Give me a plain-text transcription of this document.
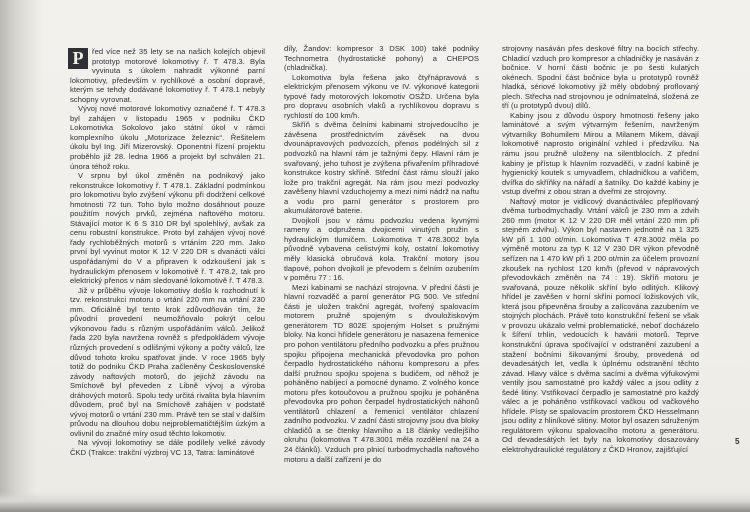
P	řed více než 35 lety se na našich kolejích objevil prototyp motorové lokomotivy ř. T 478.3. Byla vyvinuta s úkolem nahradit výkonné parní lokomotivy, především v rychlíkové a osobní dopravě, kterým se tehdy dodávané lokomotivy ř. T 478.1 nebyly schopny vyrovnat.

Vývoj nové motorové lokomotivy označené ř. T 478.3 byl zahájen v listopadu 1965 v podniku ČKD Lokomotivka Sokolovo jako státní úkol v rámci komplexního úkolu „Motorizace železnic“. Řešitelem úkolu byl Ing. Jiří Mizerovský. Oponentní řízení projektu proběhlo již 28. ledna 1966 a projekt byl schválen 21. února téhož roku.

V srpnu byl úkol změněn na podnikový jako rekonstrukce lokomotivy ř. T 478.1. Základní podmínkou pro lokomotivu bylo zvýšení výkonu při dodržení celkové hmotnosti 72 tun. Toho bylo možno dosáhnout pouze použitím nových prvků, zejména naftového motoru. Stávající motor K 6 S 310 DR byl spolehlivý, avšak za cenu robustní konstrukce. Proto byl zahájen vývoj nové řady rychloběžných motorů s vrtáním 220 mm. Jako první byl vyvinut motor K 12 V 220 DR s dvanácti válci uspořádanými do V a připraven k odzkoušení jak s hydraulickým přenosem v lokomotivě ř. T 478.2, tak pro elektrický přenos v nám sledované lokomotivě ř. T 478.3.

Již v průběhu vývoje lokomotivy došlo k rozhodnutí k tzv. rekonstrukci motoru o vrtání 220 mm na vrtání 230 mm. Oficiálně byl tento krok zdůvodňován tím, že původní provedení neumožňovalo pokrýt celou výkonovou řadu s různým uspořádáním válců. Jelikož řada 220 byla navržena rovněž s předpokládem vývoje různých provedení s odlišnými výkony a počty válců, lze důvod tohoto kroku spatřovat jinde. V roce 1965 byly totiž do podniku ČKD Praha začleněny Československé závody naftových motorů, do jejichž závodu na Smíchově byl převeden z Libně vývoj a výroba dráhových motorů. Spolu tedy určitá rivalita byla hlavním důvodem, proč byl na Smíchově zahájen v podstatě vývoj motorů o vrtání 230 mm. Právě ten se stal v dalším průvodu na dlouhou dobu nejproblematičtějším úzkým a ovlivnil do značné míry osud těchto lokomotiv.

Na vývoji lokomotivy se dále podílely velké závody ČKD (Trakce: trakční výzbroj VC 13, Tatra: laminátové

díly, Žandov: kompresor 3 DSK 100) také podniky Technometra (hydrostatické pohony) a CHEPOS (chladnička).

Lokomotiva byla řešena jako čtyřnápravová s elektrickým přenosem výkonu ve IV. výkonové kategorii typové řady motorových lokomotiv OSŽD. Určena byla pro dopravu osobních vlaků a rychlíkovou dopravu s rychlostí do 100 km/h.

Skříň s dvěma čelními kabinami strojvedoucího je závěsena prostřednictvím závěsek na dvou dvounápravových podvozcích, přenos podélných sil z podvozků na hlavní rám je tažnými čepy. Hlavní rám je svařovaný, jeho tuhost je zvýšena přivařením příhradové konstrukce kostry skříně. Střední část rámu slouží jako lože pro trakční agregát. Na rám jsou mezi podvozky zavěšeny hlavní vzduchojemy a mezi nimi nádrž na naftu a vodu pro parní generátor s prostorem pro akumulátorové baterie.

Dvojkolí jsou v rámu podvozku vedena kyvnými rameny a odpružena dvojicemi vinutých pružin s hydraulickým tlumičem. Lokomotiva T 478.3002 byla původně vybavena celistvými koly, ostatní lokomotivy měly klasická obručová kola. Trakční motory jsou tlapové, pohon dvojkolí je převodem s čelním ozubením v poměru 77 : 16.

Mezi kabinami se nachází strojovna. V přední části je hlavní rozvaděč a parní generátor PG 500. Ve střední části je uložen trakční agregát, tvořený spalovacím motorem pružně spojeným s dvouložiskovým generátorem TD 802E spojeným Holset s pružnými bloky. Na konci hřídele generátoru je nasazena řemenice pro pohon ventilátoru předního podvozku a přes pružnou spojku připojena mechanická převodovka pro pohon čerpadlo hydrostatického náhonu kompresoru a přes další pružnou spojku spojena s budičem, od něhož je poháněno nabíjecí a pomocné dynamo. Z volného konce motoru přes kotoučovou a pružnou spojku je poháněna převodovka pro pohon čerpadel hydrostatických náhonů ventilátorů chlazení a řemenicí ventilátor chlazení zadního podvozku. V zadní části strojovny jsou dva bloky chladičů a se čtenky hlavního a 18 články vedlejšího okruhu (lokomotiva T 478.3001 měla rozdělení na 24 a 24 článků). Vzduch pro plnicí turbodmychadla naftového motoru a další zařízení je do

strojovny nasáván přes deskové filtry na bocích střechy. Chladicí vzduch pro kompresor a chladničky je nasáván z bočnice. V horní části bočnic je po šesti kulatých okénech. Spodní část bočnice byla u prototypů rovněž hladká, sériové lokomotivy již měly obdobný proflovaný plech. Střecha nad strojovnou je odnímatelná, složená ze tří (u prototypů dvou) dílů.

Kabiny jsou z důvodu úspory hmotnosti řešeny jako laminátové a svým výtvarným řešením, navrženým výtvarníky Bohumilem Mirou a Milanem Mikem, dávají lokomotivě naprosto originální vzhled i předzvíku. Na rámu jsou pružně uloženy na silentblocích. Z přední kabiny je přístup k hlavním rozvaděči, v zadní kabině je hygienický koutek s umyvadlem, chladničkou a vařičem, dvířka do skříňky na nářadí a šatníky. Do každé kabiny je vstup dveřmi z obou stran a dveřmi ze strojovny.

Naftový motor je vidlicový dvanáctiválec přeplňovaný dvěma turbodmychadly. Vrtání válců je 230 mm a zdvih 260 mm (motor K 12 V 220 DR měl vrtání 220 mm při stejném zdvihu). Výkon byl nastaven jednotně na 1 325 kW při 1 100 ot/min. Lokomotiva T 478.3002 měla po výměně motoru za typ K 12 V 230 DR výkon převodně seřízen na 1 470 kW při 1 200 ot/min za účelem provozní zkoušek na rychlost 120 km/h (převod v nápravových převodovkách změněn na 74 : 19). Skříň motoru je svařovaná, pouze několik skříní bylo odlitých. Klikový hřídel je zavěšen v horní skříni pomocí ložiskových vík, která jsou připevněna šrouby a zalícována zazubením ve stojných plochách. Právě toto konstrukční řešení se však v provozu ukázalo velmi problematické, neboť docházelo k šíření trhlin, vedoucích k havárii motorů. Teprve konstrukční úprava spočívající v odstranění zazubení a stažení bočními šikovanými šrouby, provedená od devadesátých let, vedla k úplnému odstranění těchto závad. Hlavy válce s dvěma sacími a dvěma výfukovými ventily jsou samostatné pro každý válec a jsou odlity z šedé litiny. Vstřikovací čerpadlo je samostatné pro každý válec a je poháněno vstřikovací vačkou od vačkového hřídele. Písty se spalovacím prostorem ČKD Hesselmann jsou odlity z hliníkové slitiny. Motor byl osazen sdruženým regulátorem výkonu spalovacího motoru a generátoru. Od devadesátých let byly na lokomotivy dosazovány elektrohydraulické regulátory z ČKD Hronov, zajišťující

5
